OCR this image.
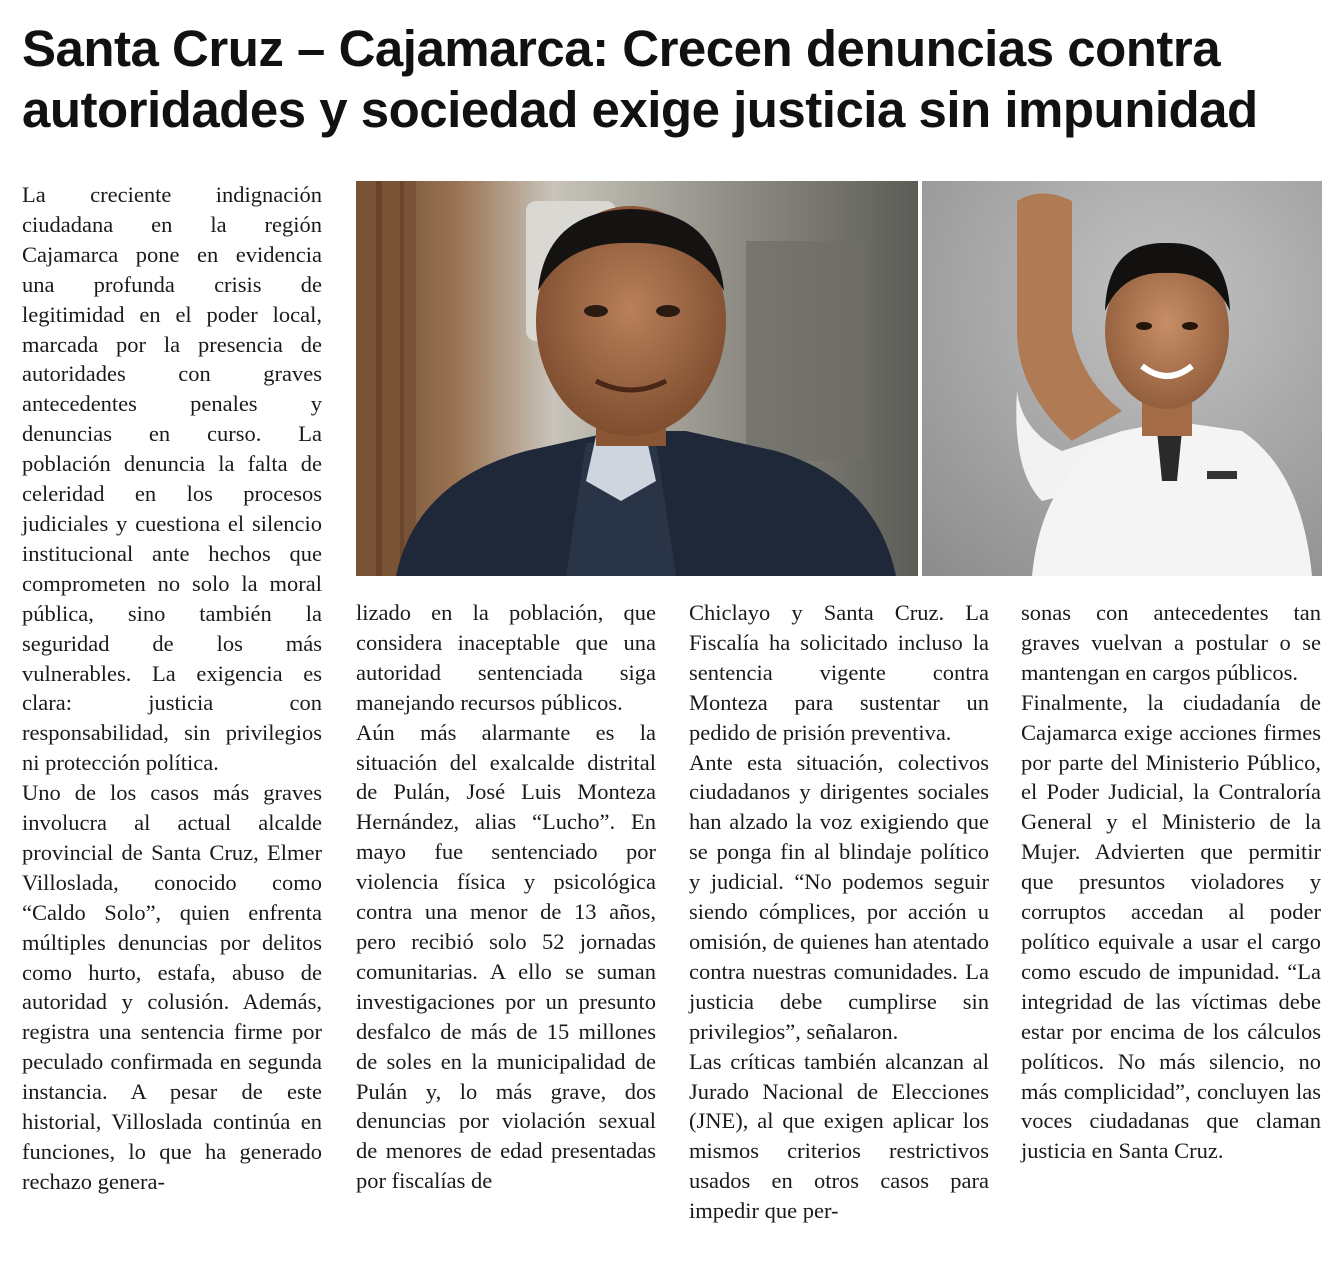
Santa Cruz – Cajamarca: Crecen denuncias contra
autoridades y sociedad exige justicia sin impunidad

La creciente indignación ciudadana en la región Cajamarca pone en evidencia una profunda crisis de legitimidad en el poder local, marcada por la presencia de autoridades con graves antecedentes penales y denuncias en curso. La población denuncia la falta de celeridad en los procesos judiciales y cuestiona el silencio institucional ante hechos que comprometen no solo la moral pública, sino también la seguridad de los más vulnerables. La exigencia es clara: justicia con responsabilidad, sin privilegios ni protección política.

Uno de los casos más graves involucra al actual alcalde provincial de Santa Cruz, Elmer Villoslada, conocido como “Caldo Solo”, quien enfrenta múltiples denuncias por delitos como hurto, estafa, abuso de autoridad y colusión. Además, registra una sentencia firme por peculado confirmada en segunda instancia. A pesar de este historial, Villoslada continúa en funciones, lo que ha generado rechazo genera-

lizado en la población, que considera inaceptable que una autoridad sentenciada siga manejando recursos públicos.

Aún más alarmante es la situación del exalcalde distrital de Pulán, José Luis Monteza Hernández, alias “Lucho”. En mayo fue sentenciado por violencia física y psicológica contra una menor de 13 años, pero recibió solo 52 jornadas comunitarias. A ello se suman investigaciones por un presunto desfalco de más de 15 millones de soles en la municipalidad de Pulán y, lo más grave, dos denuncias por violación sexual de menores de edad presentadas por fiscalías de

Chiclayo y Santa Cruz. La Fiscalía ha solicitado incluso la sentencia vigente contra Monteza para sustentar un pedido de prisión preventiva.

Ante esta situación, colectivos ciudadanos y dirigentes sociales han alzado la voz exigiendo que se ponga fin al blindaje político y judicial. “No podemos seguir siendo cómplices, por acción u omisión, de quienes han atentado contra nuestras comunidades. La justicia debe cumplirse sin privilegios”, señalaron.

Las críticas también alcanzan al Jurado Nacional de Elecciones (JNE), al que exigen aplicar los mismos criterios restrictivos usados en otros casos para impedir que per-

sonas con antecedentes tan graves vuelvan a postular o se mantengan en cargos públicos.

Finalmente, la ciudadanía de Cajamarca exige acciones firmes por parte del Ministerio Público, el Poder Judicial, la Contraloría General y el Ministerio de la Mujer. Advierten que permitir que presuntos violadores y corruptos accedan al poder político equivale a usar el cargo como escudo de impunidad. “La integridad de las víctimas debe estar por encima de los cálculos políticos. No más silencio, no más complicidad”, concluyen las voces ciudadanas que claman justicia en Santa Cruz.
